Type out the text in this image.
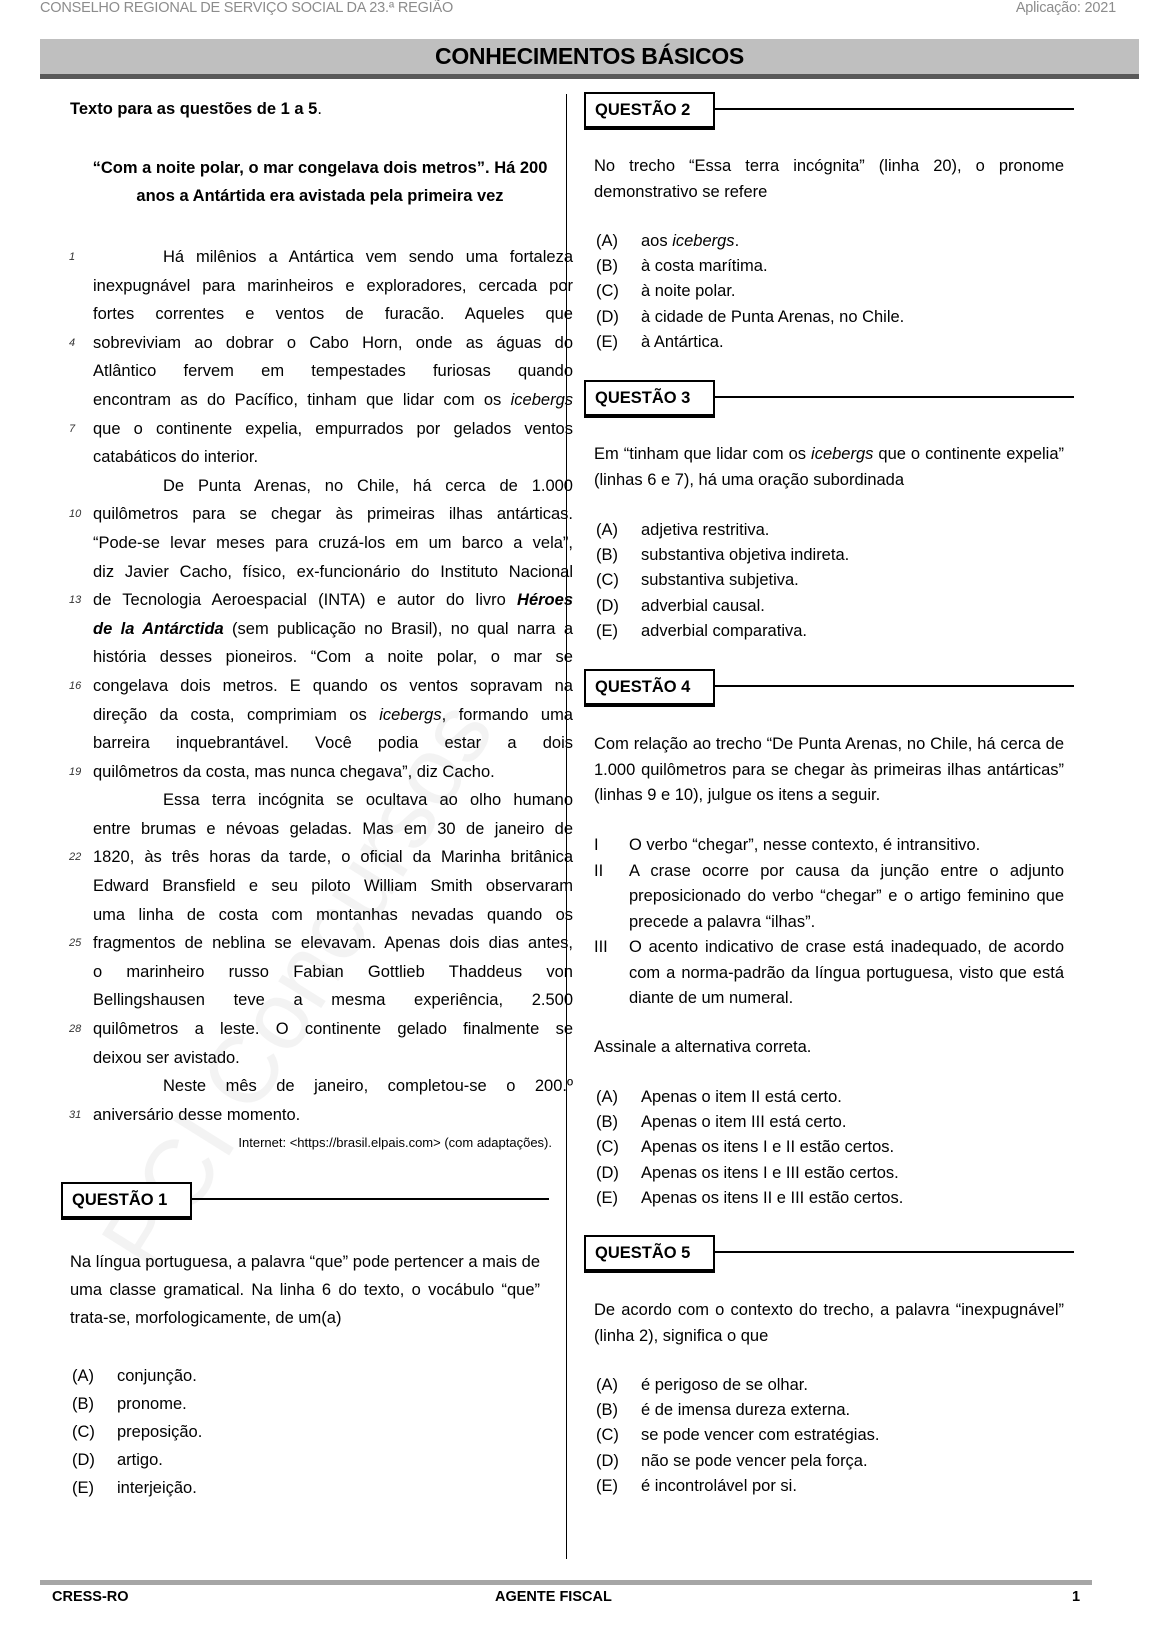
CONSELHO REGIONAL DE SERVIÇO SOCIAL DA 23.ª REGIÃO	Aplicação: 2021
CONHECIMENTOS BÁSICOS
Texto para as questões de 1 a 5.
“Com a noite polar, o mar congelava dois metros”. Há 200
anos a Antártida era avistada pela primeira vez
1	Há milênios a Antártica vem sendo uma fortaleza
inexpugnável para marinheiros e exploradores, cercada por
fortes correntes e ventos de furacão. Aqueles que
4	sobreviviam ao dobrar o Cabo Horn, onde as águas do
Atlântico fervem em tempestades furiosas quando
encontram as do Pacífico, tinham que lidar com os icebergs
7	que o continente expelia, empurrados por gelados ventos
catabáticos do interior.
De Punta Arenas, no Chile, há cerca de 1.000
10 quilômetros para se chegar às primeiras ilhas antárticas.
“Pode-se levar meses para cruzá-los em um barco a vela”,
diz Javier Cacho, físico, ex-funcionário do Instituto Nacional
13 de Tecnologia Aeroespacial (INTA) e autor do livro Héroes
de la Antárctida (sem publicação no Brasil), no qual narra a
história desses pioneiros. “Com a noite polar, o mar se
16 congelava dois metros. E quando os ventos sopravam na
direção da costa, comprimiam os icebergs, formando uma
barreira inquebrantável. Você podia estar a dois
19 quilômetros da costa, mas nunca chegava”, diz Cacho.
Essa terra incógnita se ocultava ao olho humano
entre brumas e névoas geladas. Mas em 30 de janeiro de
22 1820, às três horas da tarde, o oficial da Marinha britânica
Edward Bransfield e seu piloto William Smith observaram
uma linha de costa com montanhas nevadas quando os
25 fragmentos de neblina se elevavam. Apenas dois dias antes,
o marinheiro russo Fabian Gottlieb Thaddeus von
Bellingshausen teve a mesma experiência, 2.500
28 quilômetros a leste. O continente gelado finalmente se
deixou ser avistado.
Neste mês de janeiro, completou-se o 200.º
31 aniversário desse momento.
Internet: <https://brasil.elpais.com> (com adaptações).
QUESTÃO 1
Na língua portuguesa, a palavra “que” pode pertencer a mais de uma classe gramatical. Na linha 6 do texto, o vocábulo “que” trata-se, morfologicamente, de um(a)
(A) conjunção.
(B) pronome.
(C) preposição.
(D) artigo.
(E) interjeição.
QUESTÃO 2
No trecho “Essa terra incógnita” (linha 20), o pronome demonstrativo se refere
(A) aos icebergs.
(B) à costa marítima.
(C) à noite polar.
(D) à cidade de Punta Arenas, no Chile.
(E) à Antártica.
QUESTÃO 3
Em “tinham que lidar com os icebergs que o continente expelia” (linhas 6 e 7), há uma oração subordinada
(A) adjetiva restritiva.
(B) substantiva objetiva indireta.
(C) substantiva subjetiva.
(D) adverbial causal.
(E) adverbial comparativa.
QUESTÃO 4
Com relação ao trecho “De Punta Arenas, no Chile, há cerca de 1.000 quilômetros para se chegar às primeiras ilhas antárticas” (linhas 9 e 10), julgue os itens a seguir.
I O verbo “chegar”, nesse contexto, é intransitivo.
II A crase ocorre por causa da junção entre o adjunto preposicionado do verbo “chegar” e o artigo feminino que precede a palavra “ilhas”.
III O acento indicativo de crase está inadequado, de acordo com a norma-padrão da língua portuguesa, visto que está diante de um numeral.
Assinale a alternativa correta.
(A) Apenas o item II está certo.
(B) Apenas o item III está certo.
(C) Apenas os itens I e II estão certos.
(D) Apenas os itens I e III estão certos.
(E) Apenas os itens II e III estão certos.
QUESTÃO 5
De acordo com o contexto do trecho, a palavra “inexpugnável” (linha 2), significa o que
(A) é perigoso de se olhar.
(B) é de imensa dureza externa.
(C) se pode vencer com estratégias.
(D) não se pode vencer pela força.
(E) é incontrolável por si.
CRESS-RO	AGENTE FISCAL	1
